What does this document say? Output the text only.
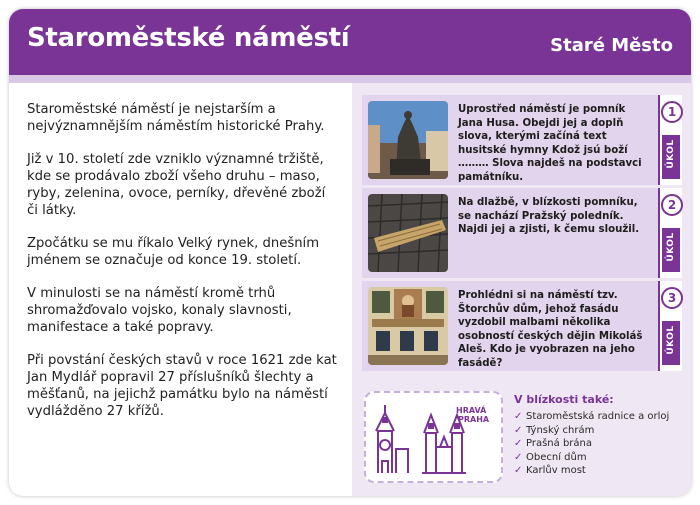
Staroměstské náměstí	Staré Město

Staroměstské náměstí je nejstarším a nejvýznamnějším náměstím historické Prahy.

Již v 10. století zde vzniklo významné tržiště, kde se prodávalo zboží všeho druhu – maso, ryby, zelenina, ovoce, perníky, dřevěné zboží či látky.

Zpočátku se mu říkalo Velký rynek, dnešním jménem se označuje od konce 19. století.

V minulosti se na náměstí kromě trhů shromažďovalo vojsko, konaly slavnosti, manifestace a také popravy.

Při povstání českých stavů v roce 1621 zde kat Jan Mydlář popravil 27 příslušníků šlechty a měšťanů, na jejichž památku bylo na náměstí vydlážděno 27 křížů.

Uprostřed náměstí je pomník Jana Husa. Obejdi jej a doplň slova, kterými začíná text husitské hymny Kdož jsú boží ……… Slova najdeš na podstavci památníku.
1
ÚKOL
Na dlažbě, v blízkosti pomníku, se nachází Pražský poledník. Najdi jej a zjisti, k čemu sloužil.
2
ÚKOL
Prohlédni si na náměstí tzv. Štorchův dům, jehož fasádu vyzdobil malbami několika osobností českých dějin Mikoláš Aleš. Kdo je vyobrazen na jeho fasádě?
3
ÚKOL
HRAVÁ
PRAHA
V blízkosti také:
✓ Staroměstská radnice a orloj
✓ Týnský chrám
✓ Prašná brána
✓ Obecní dům
✓ Karlův most
